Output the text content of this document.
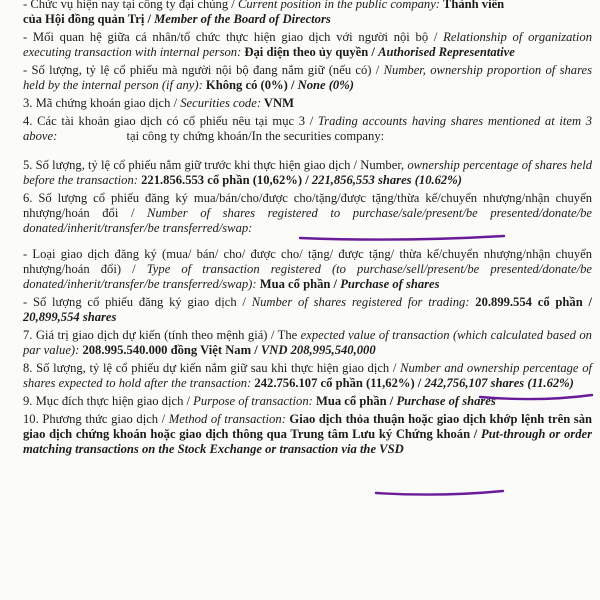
- Chức vụ hiện nay tại công ty đại chúng / Current position in the public company: Thành viên
của Hội đồng quản Trị / Member of the Board of Directors

- Mối quan hệ giữa cá nhân/tổ chức thực hiện giao dịch với người nội bộ / Relationship of organization executing transaction with internal person: Đại diện theo ủy quyền / Authorised Representative

- Số lượng, tỷ lệ cổ phiếu mà người nội bộ đang nắm giữ (nếu có) / Number, ownership proportion of shares held by the internal person (if any): Không có (0%) / None (0%)

3. Mã chứng khoán giao dịch / Securities code: VNM

4. Các tài khoản giao dịch có cổ phiếu nêu tại mục 3 / Trading accounts having shares mentioned at item 3 above:                      tại công ty chứng khoán/In the securities company:

5. Số lượng, tỷ lệ cổ phiếu nắm giữ trước khi thực hiện giao dịch / Number, ownership percentage of shares held before the transaction: 221.856.553 cổ phần (10,62%) / 221,856,553 shares (10.62%)

6. Số lượng cổ phiếu đăng ký mua/bán/cho/được cho/tặng/được tặng/thừa kế/chuyển nhượng/nhận chuyển nhượng/hoán đổi / Number of shares registered to purchase/sale/present/be presented/donate/be donated/inherit/transfer/be transferred/swap:

- Loại giao dịch đăng ký (mua/ bán/ cho/ được cho/ tặng/ được tặng/ thừa kế/chuyển nhượng/nhận chuyển nhượng/hoán đổi) / Type of transaction registered (to purchase/sell/present/be presented/donate/be donated/inherit/transfer/be transferred/swap): Mua cổ phần / Purchase of shares

- Số lượng cổ phiếu đăng ký giao dịch / Number of shares registered for trading: 20.899.554 cổ phần / 20,899,554 shares

7. Giá trị giao dịch dự kiến (tính theo mệnh giá) / The expected value of transaction (which calculated based on par value): 208.995.540.000 đồng Việt Nam / VND 208,995,540,000

8. Số lượng, tỷ lệ cổ phiếu dự kiến nắm giữ sau khi thực hiện giao dịch / Number and ownership percentage of shares expected to hold after the transaction: 242.756.107 cổ phần (11,62%) / 242,756,107 shares (11.62%)

9. Mục đích thực hiện giao dịch / Purpose of transaction: Mua cổ phần / Purchase of shares

10. Phương thức giao dịch / Method of transaction: Giao dịch thỏa thuận hoặc giao dịch khớp lệnh trên sàn giao dịch chứng khoán hoặc giao dịch thông qua Trung tâm Lưu ký Chứng khoán / Put-through or order matching transactions on the Stock Exchange or transaction via the VSD
